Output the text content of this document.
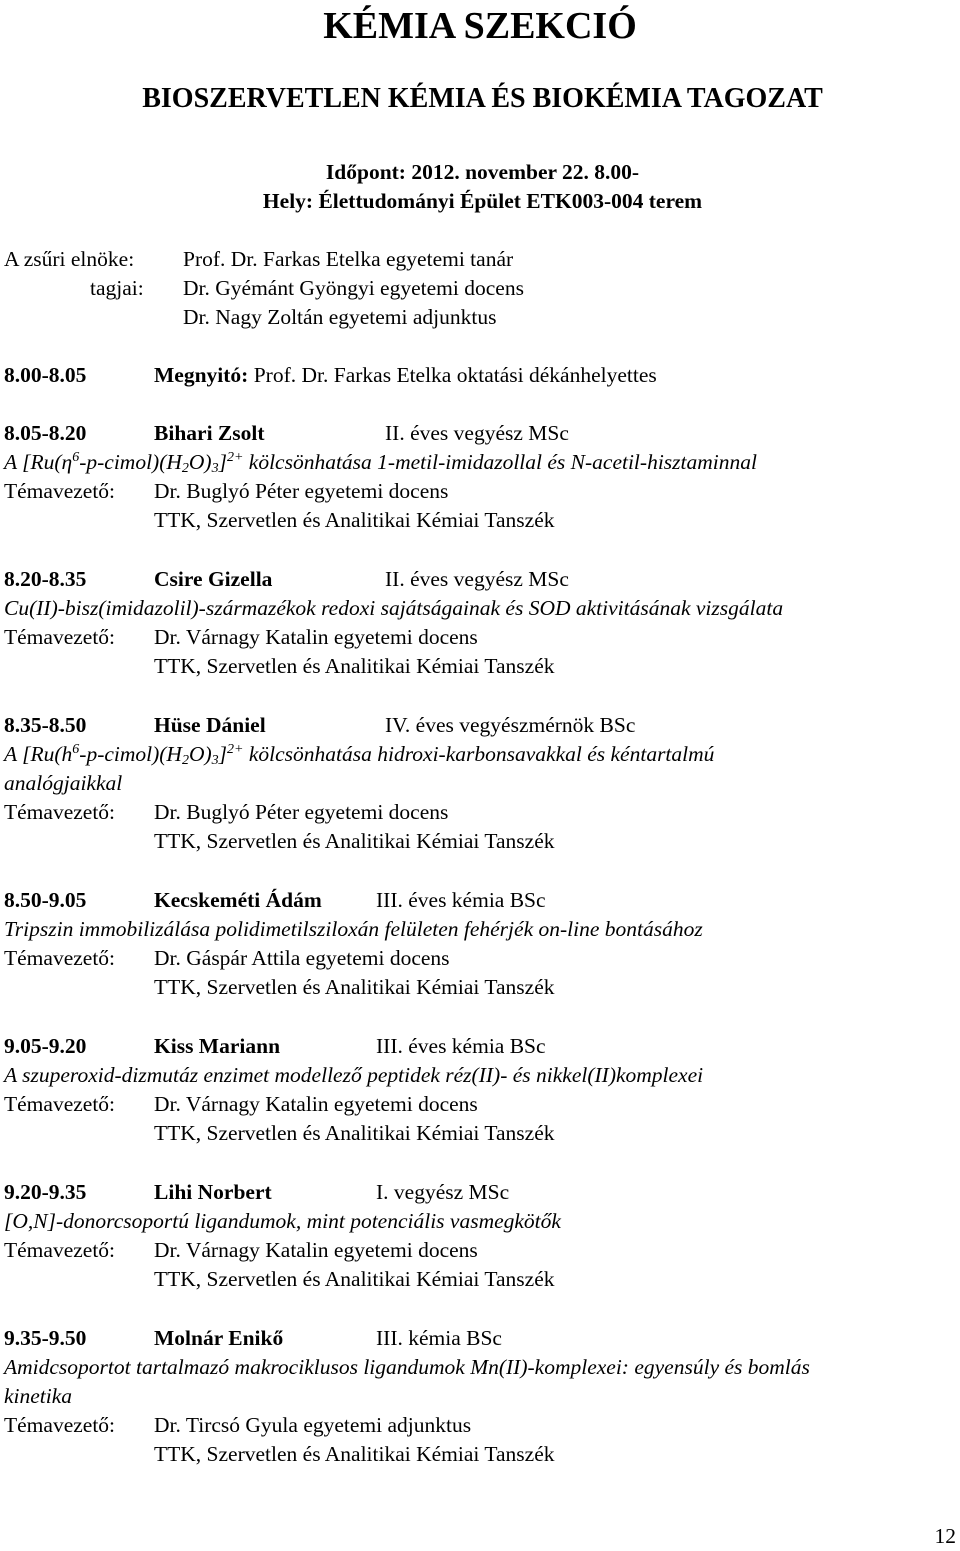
KÉMIA SZEKCIÓ
BIOSZERVETLEN KÉMIA ÉS BIOKÉMIA TAGOZAT
Időpont: 2012. november 22. 8.00-
Hely: Élettudományi Épület ETK003-004 terem
A zsűri elnöke: Prof. Dr. Farkas Etelka egyetemi tanár
tagjai: Dr. Gyémánt Gyöngyi egyetemi docens
Dr. Nagy Zoltán egyetemi adjunktus
8.00-8.05	Megnyitó: Prof. Dr. Farkas Etelka oktatási dékánhelyettes
8.05-8.20	Bihari Zsolt	II. éves vegyész MSc
A $[Ru(\eta^6-p-cimol)(H_2O)_3]^{2+}$ kölcsönhatása 1-metil-imidazollal és N-acetil-hisztaminnal
Témavezető: Dr. Buglyó Péter egyetemi docens
TTK, Szervetlen és Analitikai Kémiai Tanszék
8.20-8.35	Csire Gizella	II. éves vegyész MSc
Cu(II)-bisz(imidazolil)-származékok redoxi sajátságainak és SOD aktivitásának vizsgálata
Témavezető: Dr. Várnagy Katalin egyetemi docens
TTK, Szervetlen és Analitikai Kémiai Tanszék
8.35-8.50	Hüse Dániel	IV. éves vegyészmérnök BSc
A $[Ru(h^6-p-cimol)(H_2O)_3]^{2+}$ kölcsönhatása hidroxi-karbonsavakkal és kéntartalmú
analógjaikkal
Témavezető: Dr. Buglyó Péter egyetemi docens
TTK, Szervetlen és Analitikai Kémiai Tanszék
8.50-9.05	Kecskeméti Ádám	III. éves kémia BSc
Tripszin immobilizálása polidimetilsziloxán felületen fehérjék on-line bontásához
Témavezető: Dr. Gáspár Attila egyetemi docens
TTK, Szervetlen és Analitikai Kémiai Tanszék
9.05-9.20	Kiss Mariann	III. éves kémia BSc
A szuperoxid-dizmutáz enzimet modellező peptidek réz(II)- és nikkel(II)komplexei
Témavezető: Dr. Várnagy Katalin egyetemi docens
TTK, Szervetlen és Analitikai Kémiai Tanszék
9.20-9.35	Lihi Norbert	I. vegyész MSc
[O,N]-donorcsoportú ligandumok, mint potenciális vasmegkötők
Témavezető: Dr. Várnagy Katalin egyetemi docens
TTK, Szervetlen és Analitikai Kémiai Tanszék
9.35-9.50	Molnár Enikő	III. kémia BSc
Amidcsoportot tartalmazó makrociklusos ligandumok Mn(II)-komplexei: egyensúly és bomlás
kinetika
Témavezető: Dr. Tircsó Gyula egyetemi adjunktus
TTK, Szervetlen és Analitikai Kémiai Tanszék
12
